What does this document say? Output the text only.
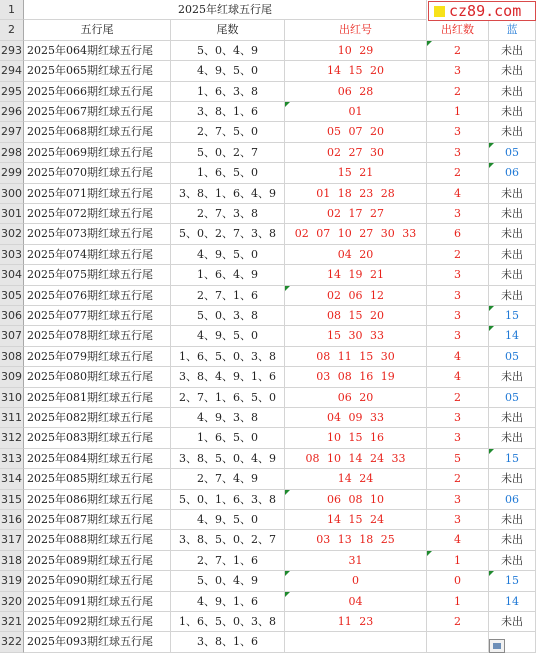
1	2025年红球五行尾
2	五行尾	尾数	出红号	出红数	蓝
293 2025年064期红球五行尾	5、0、4、9	10 29	2	未出
294 2025年065期红球五行尾	4、9、5、0	14 15 20	3	未出
295 2025年066期红球五行尾	1、6、3、8	06 28	2	未出
296 2025年067期红球五行尾	3、8、1、6	01	1	未出
297 2025年068期红球五行尾	2、7、5、0	05 07 20	3	未出
298 2025年069期红球五行尾	5、0、2、7	02 27 30	3	05
299 2025年070期红球五行尾	1、6、5、0	15 21	2	06
300 2025年071期红球五行尾	3、8、1、6、4、9	01 18 23 28	4	未出
301 2025年072期红球五行尾	2、7、3、8	02 17 27	3	未出
302 2025年073期红球五行尾	5、0、2、7、3、8	02 07 10 27 30 33	6	未出
303 2025年074期红球五行尾	4、9、5、0	04 20	2	未出
304 2025年075期红球五行尾	1、6、4、9	14 19 21	3	未出
305 2025年076期红球五行尾	2、7、1、6	02 06 12	3	未出
306 2025年077期红球五行尾	5、0、3、8	08 15 20	3	15
307 2025年078期红球五行尾	4、9、5、0	15 30 33	3	14
308 2025年079期红球五行尾	1、6、5、0、3、8	08 11 15 30	4	05
309 2025年080期红球五行尾	3、8、4、9、1、6	03 08 16 19	4	未出
310 2025年081期红球五行尾	2、7、1、6、5、0	06 20	2	05
311 2025年082期红球五行尾	4、9、3、8	04 09 33	3	未出
312 2025年083期红球五行尾	1、6、5、0	10 15 16	3	未出
313 2025年084期红球五行尾	3、8、5、0、4、9	08 10 14 24 33	5	15
314 2025年085期红球五行尾	2、7、4、9	14 24	2	未出
315 2025年086期红球五行尾	5、0、1、6、3、8	06 08 10	3	06
316 2025年087期红球五行尾	4、9、5、0	14 15 24	3	未出
317 2025年088期红球五行尾	3、8、5、0、2、7	03 13 18 25	4	未出
318 2025年089期红球五行尾	2、7、1、6	31	1	未出
319 2025年090期红球五行尾	5、0、4、9	0	0	15
320 2025年091期红球五行尾	4、9、1、6	04	1	14
321 2025年092期红球五行尾	1、6、5、0、3、8	11 23	2	未出
322 2025年093期红球五行尾	3、8、1、6
cz89.com
